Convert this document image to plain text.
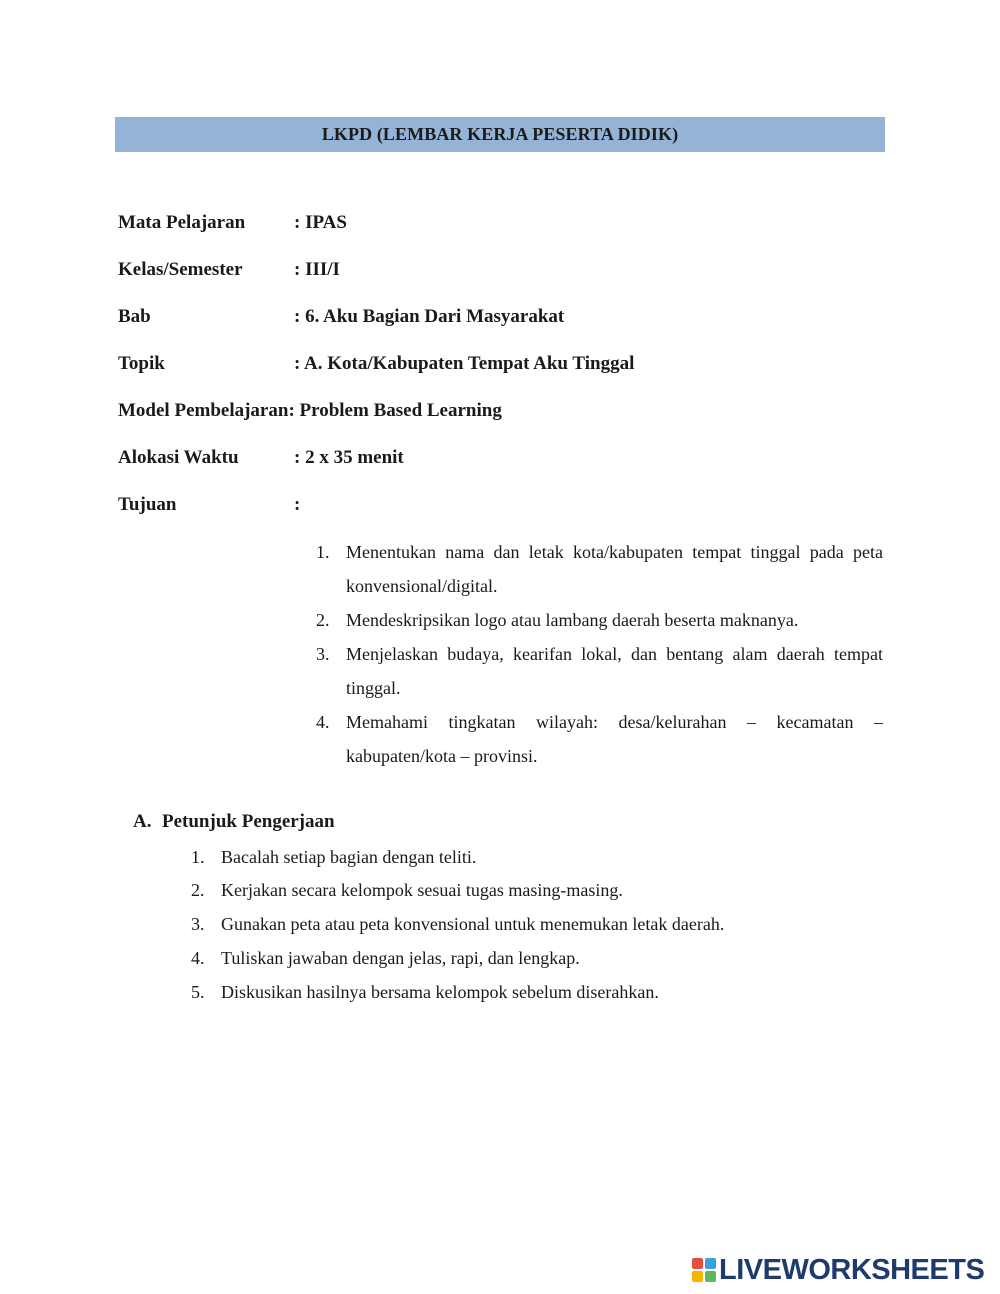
LKPD (LEMBAR KERJA PESERTA DIDIK)
Mata Pelajaran	: IPAS
Kelas/Semester	: III/I
Bab	: 6. Aku Bagian Dari Masyarakat
Topik	: A. Kota/Kabupaten Tempat Aku Tinggal
Model Pembelajaran: Problem Based Learning
Alokasi Waktu	: 2 x 35 menit
Tujuan	:
1. Menentukan nama dan letak kota/kabupaten tempat tinggal pada peta konvensional/digital.
2. Mendeskripsikan logo atau lambang daerah beserta maknanya.
3. Menjelaskan budaya, kearifan lokal, dan bentang alam daerah tempat tinggal.
4. Memahami tingkatan wilayah: desa/kelurahan – kecamatan – kabupaten/kota – provinsi.
A. Petunjuk Pengerjaan
1. Bacalah setiap bagian dengan teliti.
2. Kerjakan secara kelompok sesuai tugas masing-masing.
3. Gunakan peta atau peta konvensional untuk menemukan letak daerah.
4. Tuliskan jawaban dengan jelas, rapi, dan lengkap.
5. Diskusikan hasilnya bersama kelompok sebelum diserahkan.
LIVEWORKSHEETS
